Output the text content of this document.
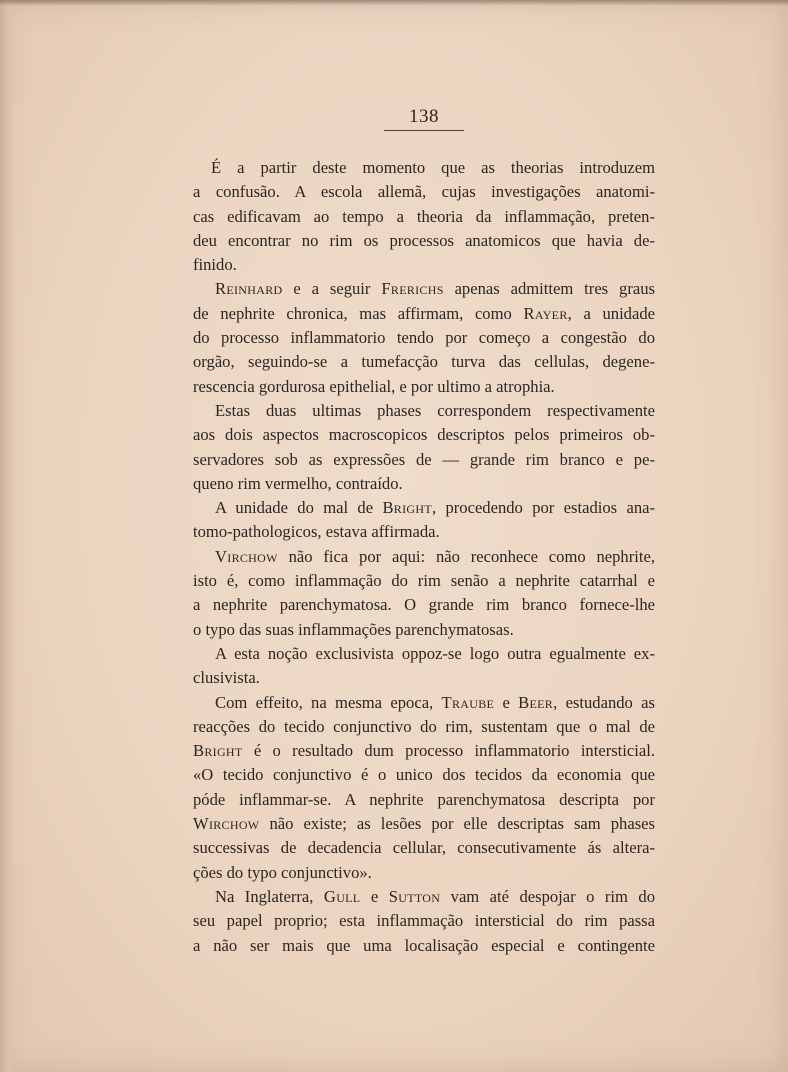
138
É a partir deste momento que as theorias introduzem
a confusão. A escola allemã, cujas investigações anatomi-
cas edificavam ao tempo a theoria da inflammação, preten-
deu encontrar no rim os processos anatomicos que havia de-
finido.
Reinhard e a seguir Frerichs apenas admittem tres graus
de nephrite chronica, mas affirmam, como Rayer, a unidade
do processo inflammatorio tendo por começo a congestão do
orgão, seguindo-se a tumefacção turva das cellulas, degene-
rescencia gordurosa epithelial, e por ultimo a atrophia.
Estas duas ultimas phases correspondem respectivamente
aos dois aspectos macroscopicos descriptos pelos primeiros ob-
servadores sob as expressões de — grande rim branco e pe-
queno rim vermelho, contraído.
A unidade do mal de Bright, procedendo por estadios ana-
tomo-pathologicos, estava affirmada.
Virchow não fica por aqui: não reconhece como nephrite,
isto é, como inflammação do rim senão a nephrite catarrhal e
a nephrite parenchymatosa. O grande rim branco fornece-lhe
o typo das suas inflammações parenchymatosas.
A esta noção exclusivista oppoz-se logo outra egualmente ex-
clusivista.
Com effeito, na mesma epoca, Traube e Beer, estudando as
reacções do tecido conjunctivo do rim, sustentam que o mal de
Bright é o resultado dum processo inflammatorio intersticial.
«O tecido conjunctivo é o unico dos tecidos da economia que
póde inflammar-se. A nephrite parenchymatosa descripta por
Wirchow não existe; as lesões por elle descriptas sam phases
successivas de decadencia cellular, consecutivamente ás altera-
ções do typo conjunctivo».
Na Inglaterra, Gull e Sutton vam até despojar o rim do
seu papel proprio; esta inflammação intersticial do rim passa
a não ser mais que uma localisação especial e contingente
